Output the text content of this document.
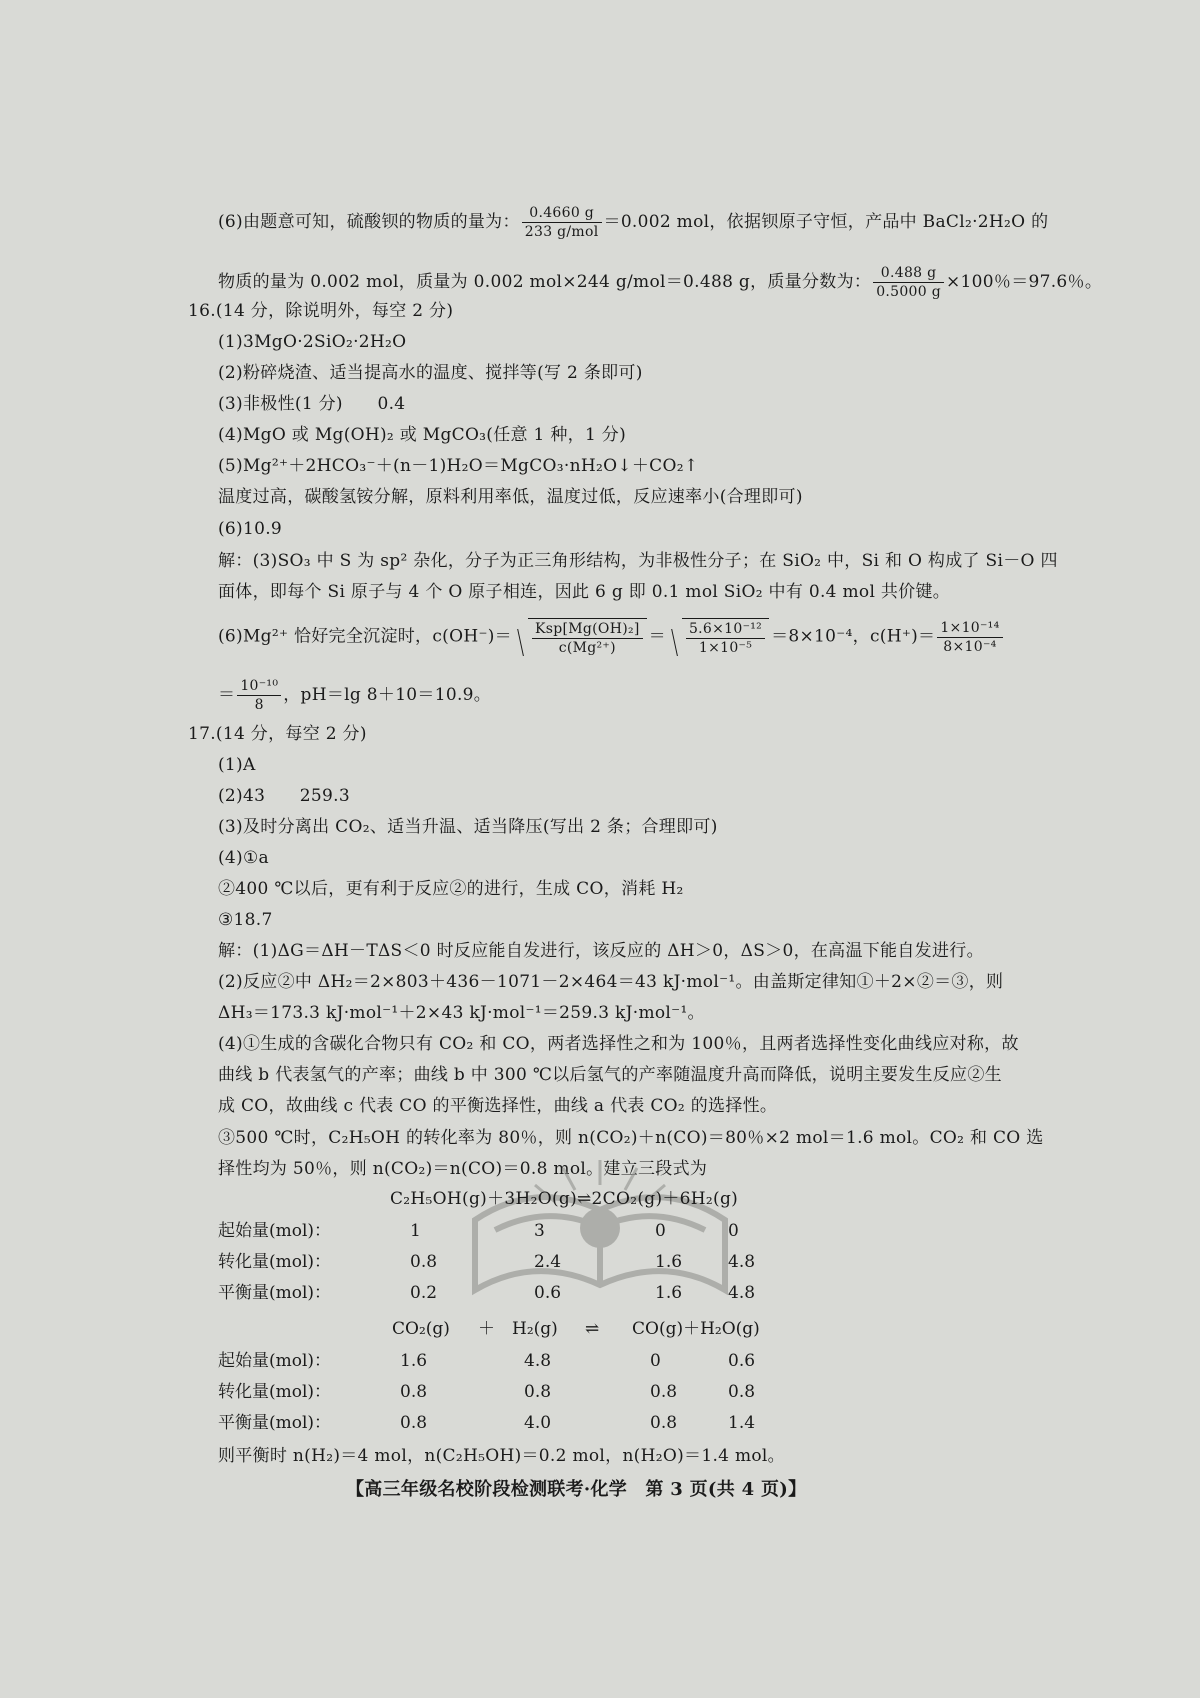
(6)由题意可知，硫酸钡的物质的量为： $\frac{0.4660 g}{\text{233 g/mol}} =0.002$ mol，依据钡原子守恒，产品中 BaCl₂·2H₂O 的
物质的量为 0.002 mol，质量为 0.002 mol×244 g/mol＝0.488 g，质量分数为： $\frac{0.488 g}{0.5000 g} \times 100$％＝97.6％。
16.(14 分，除说明外，每空 2 分)
(1)3MgO·2SiO₂·2H₂O
(2)粉碎烧渣、适当提高水的温度、搅拌等(写 2 条即可)
(3)非极性(1 分)　　0.4
(4)MgO 或 Mg(OH)₂ 或 MgCO₃(任意 1 种，1 分)
(5)Mg²⁺＋2HCO₃⁻＋(n－1)H₂O＝MgCO₃·nH₂O↓＋CO₂↑
温度过高，碳酸氢铵分解，原料利用率低，温度过低，反应速率小(合理即可)
(6)10.9
解：(3)SO₃ 中 S 为 sp² 杂化，分子为正三角形结构，为非极性分子；在 SiO₂ 中，Si 和 O 构成了 Si－O 四
面体，即每个 Si 原子与 4 个 O 原子相连，因此 6 g 即 0.1 mol SiO₂ 中有 0.4 mol 共价键。
(6)Mg²⁺ 恰好完全沉淀时，$c(OH^-)= \frac{\text{Ksp[Mg(OH)₂]}}{\text{c(Mg²⁺)}} = \frac{\text{5.6×10⁻¹²}}{\text{1×10⁻⁵}} =8\times 10^{-4}$，$c(H^+)= \frac{\text{1×10⁻¹⁴}}{\text{8×10⁻⁴}}$
＝ $\frac{\text{10⁻¹⁰}}{8}$ ，pH＝lg 8＋10＝10.9。
17.(14 分，每空 2 分)
(1)A
(2)43　　259.3
(3)及时分离出 CO₂、适当升温、适当降压(写出 2 条；合理即可)
(4)①a
②400 ℃以后，更有利于反应②的进行，生成 CO，消耗 H₂
③18.7
解：(1)ΔG＝ΔH－TΔS＜0 时反应能自发进行，该反应的 ΔH＞0，ΔS＞0，在高温下能自发进行。
(2)反应②中 ΔH₂＝2×803＋436－1071－2×464＝43 kJ·mol⁻¹。由盖斯定律知①＋2×②＝③，则
ΔH₃＝173.3 kJ·mol⁻¹＋2×43 kJ·mol⁻¹＝259.3 kJ·mol⁻¹。
(4)①生成的含碳化合物只有 CO₂ 和 CO，两者选择性之和为 100％，且两者选择性变化曲线应对称，故
曲线 b 代表氢气的产率；曲线 b 中 300 ℃以后氢气的产率随温度升高而降低，说明主要发生反应②生
成 CO，故曲线 c 代表 CO 的平衡选择性，曲线 a 代表 CO₂ 的选择性。
③500 ℃时，C₂H₅OH 的转化率为 80％，则 n(CO₂)＋n(CO)＝80％×2 mol＝1.6 mol。CO₂ 和 CO 选
择性均为 50％，则 n(CO₂)＝n(CO)＝0.8 mol。建立三段式为
C₂H₅OH(g)＋3H₂O(g)⇌2CO₂(g)＋6H₂(g)
起始量(mol)：	1	3	0	0
转化量(mol)：	0.8	2.4	1.6	4.8
平衡量(mol)：	0.2	0.6	1.6	4.8
CO₂(g) ＋ H₂(g) ⇌ CO(g)＋H₂O(g)
起始量(mol)：	1.6	4.8	0	0.6
转化量(mol)：	0.8	0.8	0.8	0.8
平衡量(mol)：	0.8	4.0	0.8	1.4
则平衡时 n(H₂)＝4 mol，n(C₂H₅OH)＝0.2 mol，n(H₂O)＝1.4 mol。
【高三年级名校阶段检测联考·化学　第 3 页(共 4 页)】
